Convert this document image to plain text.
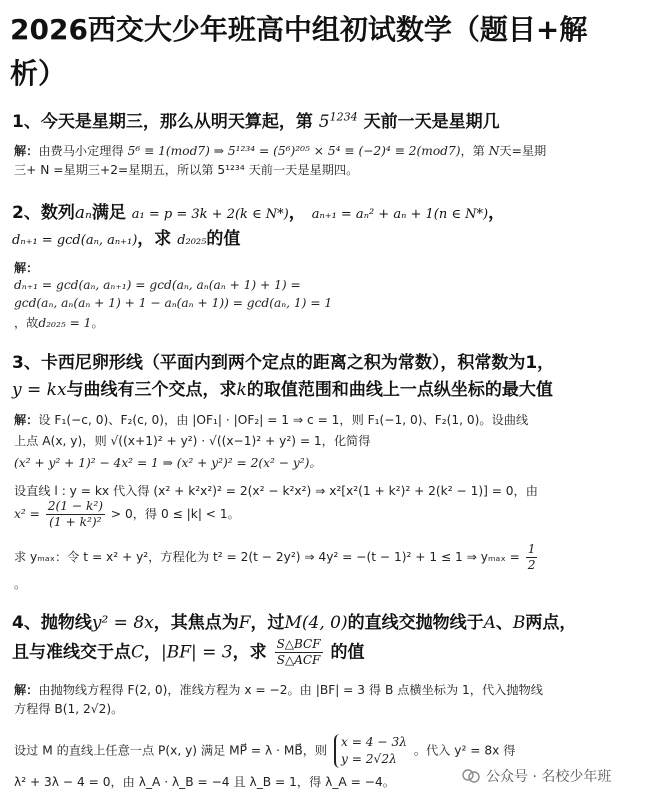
2026西交大少年班高中组初试数学（题目+解
析）
1、今天是星期三，那么从明天算起，第 $5^{1234}$ 天前一天是星期几
解：由费马小定理得 5⁶ ≡ 1(mod7) ⇒ 5¹²³⁴ = (5⁶)²⁰⁵ × 5⁴ ≡ (−2)⁴ ≡ 2(mod7)，第 N天=星期
三+ N =星期三+2=星期五，所以第 5¹²³⁴ 天前一天是星期四。
2、数列aₙ满足 a₁ = p = 3k + 2(k ∈ N*)， aₙ₊₁ = aₙ² + aₙ + 1(n ∈ N*)，
dₙ₊₁ = gcd(aₙ, aₙ₊₁)，求 d₂₀₂₅的值
解：
dₙ₊₁ = gcd(aₙ, aₙ₊₁) = gcd(aₙ, aₙ(aₙ + 1) + 1) =
gcd(aₙ, aₙ(aₙ + 1) + 1 − aₙ(aₙ + 1)) = gcd(aₙ, 1) = 1
，故d₂₀₂₅ = 1。
3、卡西尼卵形线（平面内到两个定点的距离之积为常数），积常数为1，
y = kx与曲线有三个交点，求k的取值范围和曲线上一点纵坐标的最大值
解：设 F₁(−c, 0)、F₂(c, 0)，由 |OF₁| · |OF₂| = 1 ⇒ c = 1，则 F₁(−1, 0)、F₂(1, 0)。设曲线
上点 A(x, y)，则 √((x+1)² + y²) · √((x−1)² + y²) = 1，化简得
(x² + y² + 1)² − 4x² = 1 ⇒ (x² + y²)² = 2(x² − y²)。
设直线 l : y = kx 代入得 (x² + k²x²)² = 2(x² − k²x²) ⇒ x²[x²(1 + k²)² + 2(k² − 1)] = 0，由
$x^2 = \frac{\text{2(1 − k²)}}{\text{(1 + k²)²}} > 0$，得 0 ≤ |k| < 1。
求 yₘₐₓ：令 t = x² + y²，方程化为 t² = 2(t − 2y²) ⇒ 4y² = −(t − 1)² + 1 ≤ 1 ⇒ $y_{max} = \frac{1}{2}$
。
4、抛物线y² = 8x，其焦点为F，过M(4, 0)的直线交抛物线于A、B两点，
且与准线交于点C，|BF| = 3，求 $\frac{\text{S△BCF}}{\text{S△ACF}}$ 的值
解：由抛物线方程得 F(2, 0)，准线方程为 x = −2。由 |BF| = 3 得 B 点横坐标为 1，代入抛物线
方程得 B(1, 2√2)。
设过 M 的直线上任意一点 P(x, y) 满足 MP⃗ = λ · MB⃗，则
x = 4 − 3λ
y = 2√2λ
。代入 y² = 8x 得
λ² + 3λ − 4 = 0，由 λ_A · λ_B = −4 且 λ_B = 1，得 λ_A = −4。	公众号 · 名校少年班
